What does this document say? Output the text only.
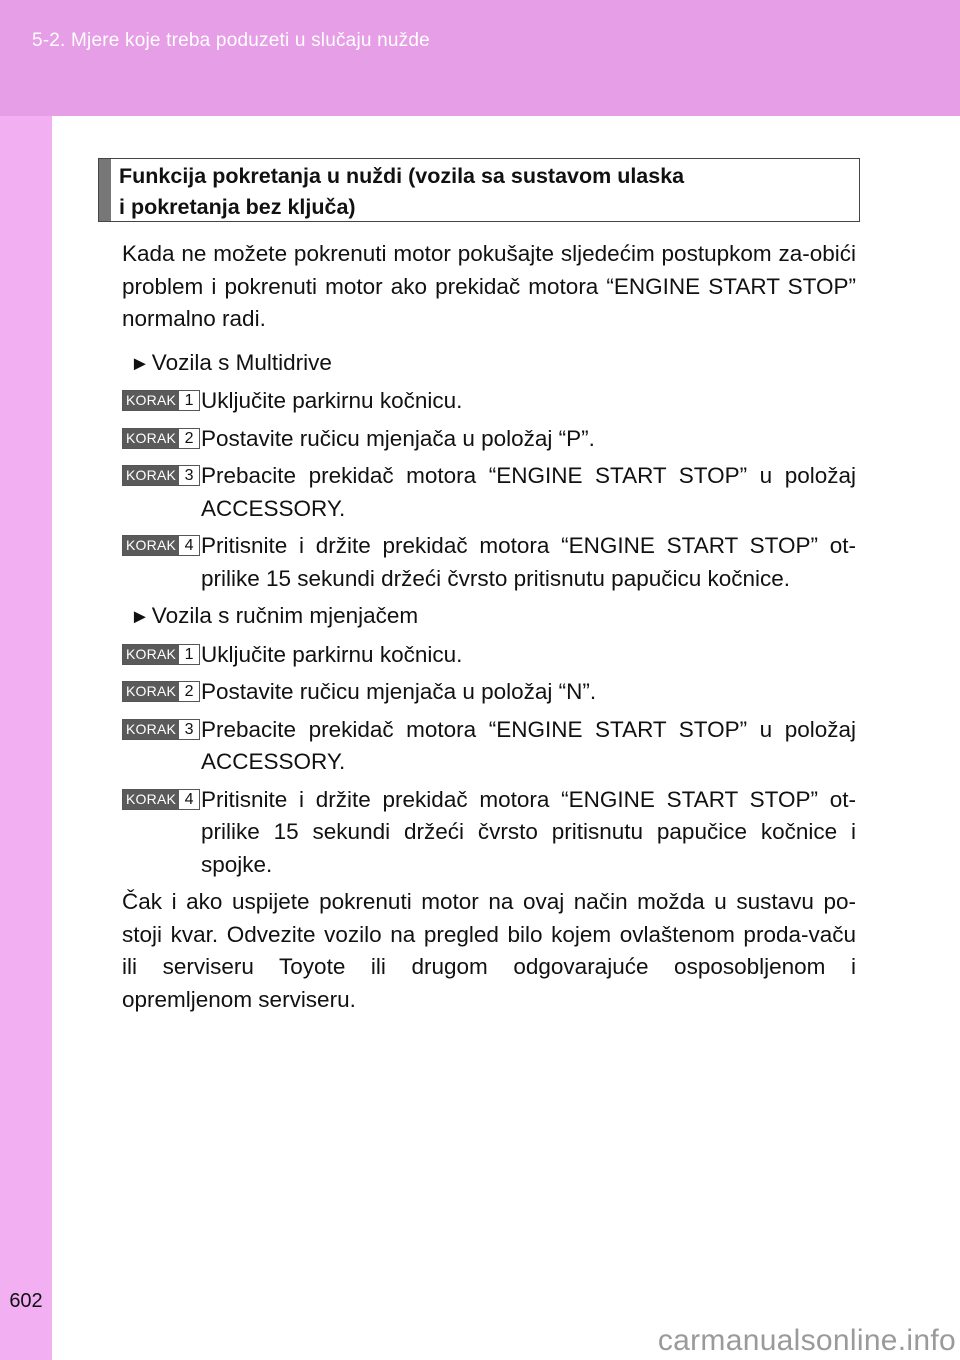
5-2. Mjere koje treba poduzeti u slučaju nužde
602
Funkcija pokretanja u nuždi (vozila sa sustavom ulaska
i pokretanja bez ključa)

Kada ne možete pokrenuti motor pokušajte sljedećim postupkom za-obići problem i pokrenuti motor ako prekidač motora “ENGINE START STOP” normalno radi.

►Vozila s Multidrive
KORAK 1 Uključite parkirnu kočnicu.
KORAK 2 Postavite ručicu mjenjača u položaj “P”.
KORAK 3 Prebacite prekidač motora “ENGINE START STOP” u položaj ACCESSORY.
KORAK 4 Pritisnite i držite prekidač motora “ENGINE START STOP” ot-prilike 15 sekundi držeći čvrsto pritisnutu papučicu kočnice.
►Vozila s ručnim mjenjačem
KORAK 1 Uključite parkirnu kočnicu.
KORAK 2 Postavite ručicu mjenjača u položaj “N”.
KORAK 3 Prebacite prekidač motora “ENGINE START STOP” u položaj ACCESSORY.
KORAK 4 Pritisnite i držite prekidač motora “ENGINE START STOP” ot-prilike 15 sekundi držeći čvrsto pritisnutu papučice kočnice i spojke.

Čak i ako uspijete pokrenuti motor na ovaj način možda u sustavu po-stoji kvar. Odvezite vozilo na pregled bilo kojem ovlaštenom proda-vaču ili serviseru Toyote ili drugom odgovarajuće osposobljenom i opremljenom serviseru.

carmanualsonline.info
